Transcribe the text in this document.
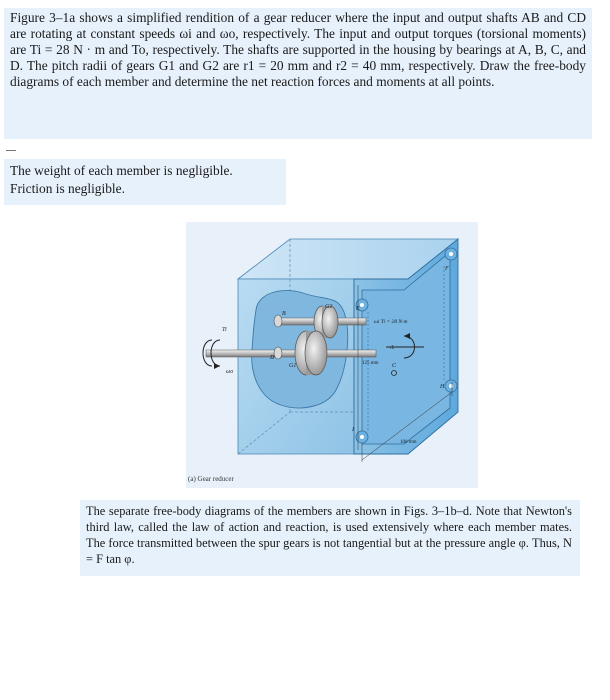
Figure 3–1a shows a simplified rendition of a gear reducer where the input and output shafts AB and CD are rotating at constant speeds ωi and ωo, respectively. The input and output torques (torsional moments) are Ti = 28 N · m and To, respectively. The shafts are supported in the housing by bearings at A, B, C, and D. The pitch radii of gears G1 and G2 are r1 = 20 mm and r2 = 40 mm, respectively. Draw the free-body diagrams of each member and determine the net reaction forces and moments at all points.
The weight of each member is negligible.
Friction is negligible.
Ti
ωo
B
G2
D
G1
E
F
ωi Ti = 28 N·m
A
C
H
I
125 mm
100 mm
(a) Gear reducer
The separate free-body diagrams of the members are shown in Figs. 3–1b–d. Note that Newton's third law, called the law of action and reaction, is used extensively where each member mates. The force transmitted between the spur gears is not tangential but at the pressure angle φ. Thus, N = F tan φ.
